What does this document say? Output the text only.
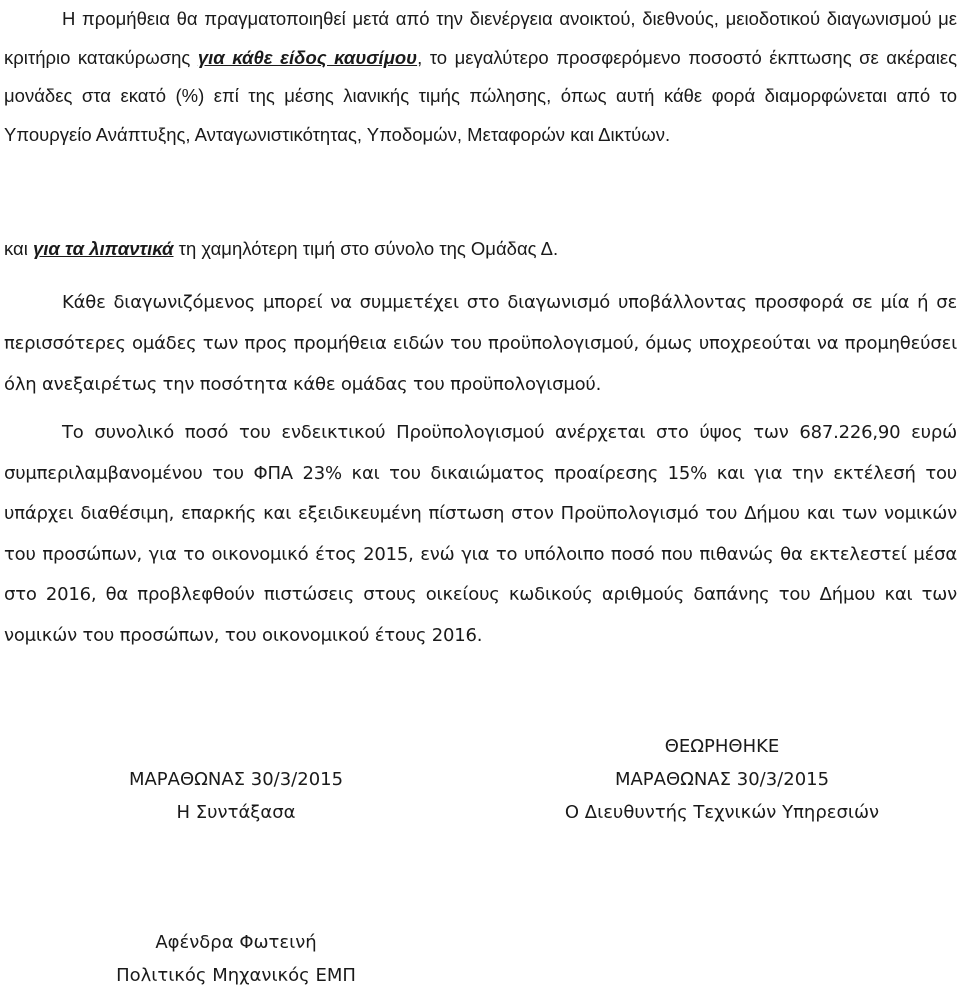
Η προμήθεια θα πραγματοποιηθεί μετά από την διενέργεια ανοικτού, διεθνούς, μειοδοτικού διαγωνισμού με κριτήριο κατακύρωσης για κάθε είδος καυσίμου, το μεγαλύτερο προσφερόμενο ποσοστό έκπτωσης σε ακέραιες μονάδες στα εκατό (%) επί της μέσης λιανικής τιμής πώλησης, όπως αυτή κάθε φορά διαμορφώνεται από το Υπουργείο Ανάπτυξης, Ανταγωνιστικότητας, Υποδομών, Μεταφορών και Δικτύων.

και για τα λιπαντικά τη χαμηλότερη τιμή στο σύνολο της Ομάδας Δ.

Κάθε διαγωνιζόμενος μπορεί να συμμετέχει στο διαγωνισμό υποβάλλοντας προσφορά σε μία ή σε περισσότερες ομάδες των προς προμήθεια ειδών του προϋπολογισμού, όμως υποχρεούται να προμηθεύσει όλη ανεξαιρέτως την ποσότητα κάθε ομάδας του προϋπολογισμού.

Το συνολικό ποσό του ενδεικτικού Προϋπολογισμού ανέρχεται στο ύψος των 687.226,90 ευρώ συμπεριλαμβανομένου του ΦΠΑ 23% και του δικαιώματος προαίρεσης 15% και για την εκτέλεσή του υπάρχει διαθέσιμη, επαρκής και εξειδικευμένη πίστωση στον Προϋπολογισμό του Δήμου και των νομικών του προσώπων, για το οικονομικό έτος 2015, ενώ για το υπόλοιπο ποσό που πιθανώς θα εκτελεστεί μέσα στο 2016, θα προβλεφθούν πιστώσεις στους οικείους κωδικούς αριθμούς δαπάνης του Δήμου και των νομικών του προσώπων, του οικονομικού έτους 2016.

ΘΕΩΡΗΘΗΚΕ
ΜΑΡΑΘΩΝΑΣ 30/3/2015	ΜΑΡΑΘΩΝΑΣ 30/3/2015
Η Συντάξασα	Ο Διευθυντής Τεχνικών Υπηρεσιών
Αφένδρα Φωτεινή
Πολιτικός Μηχανικός ΕΜΠ
